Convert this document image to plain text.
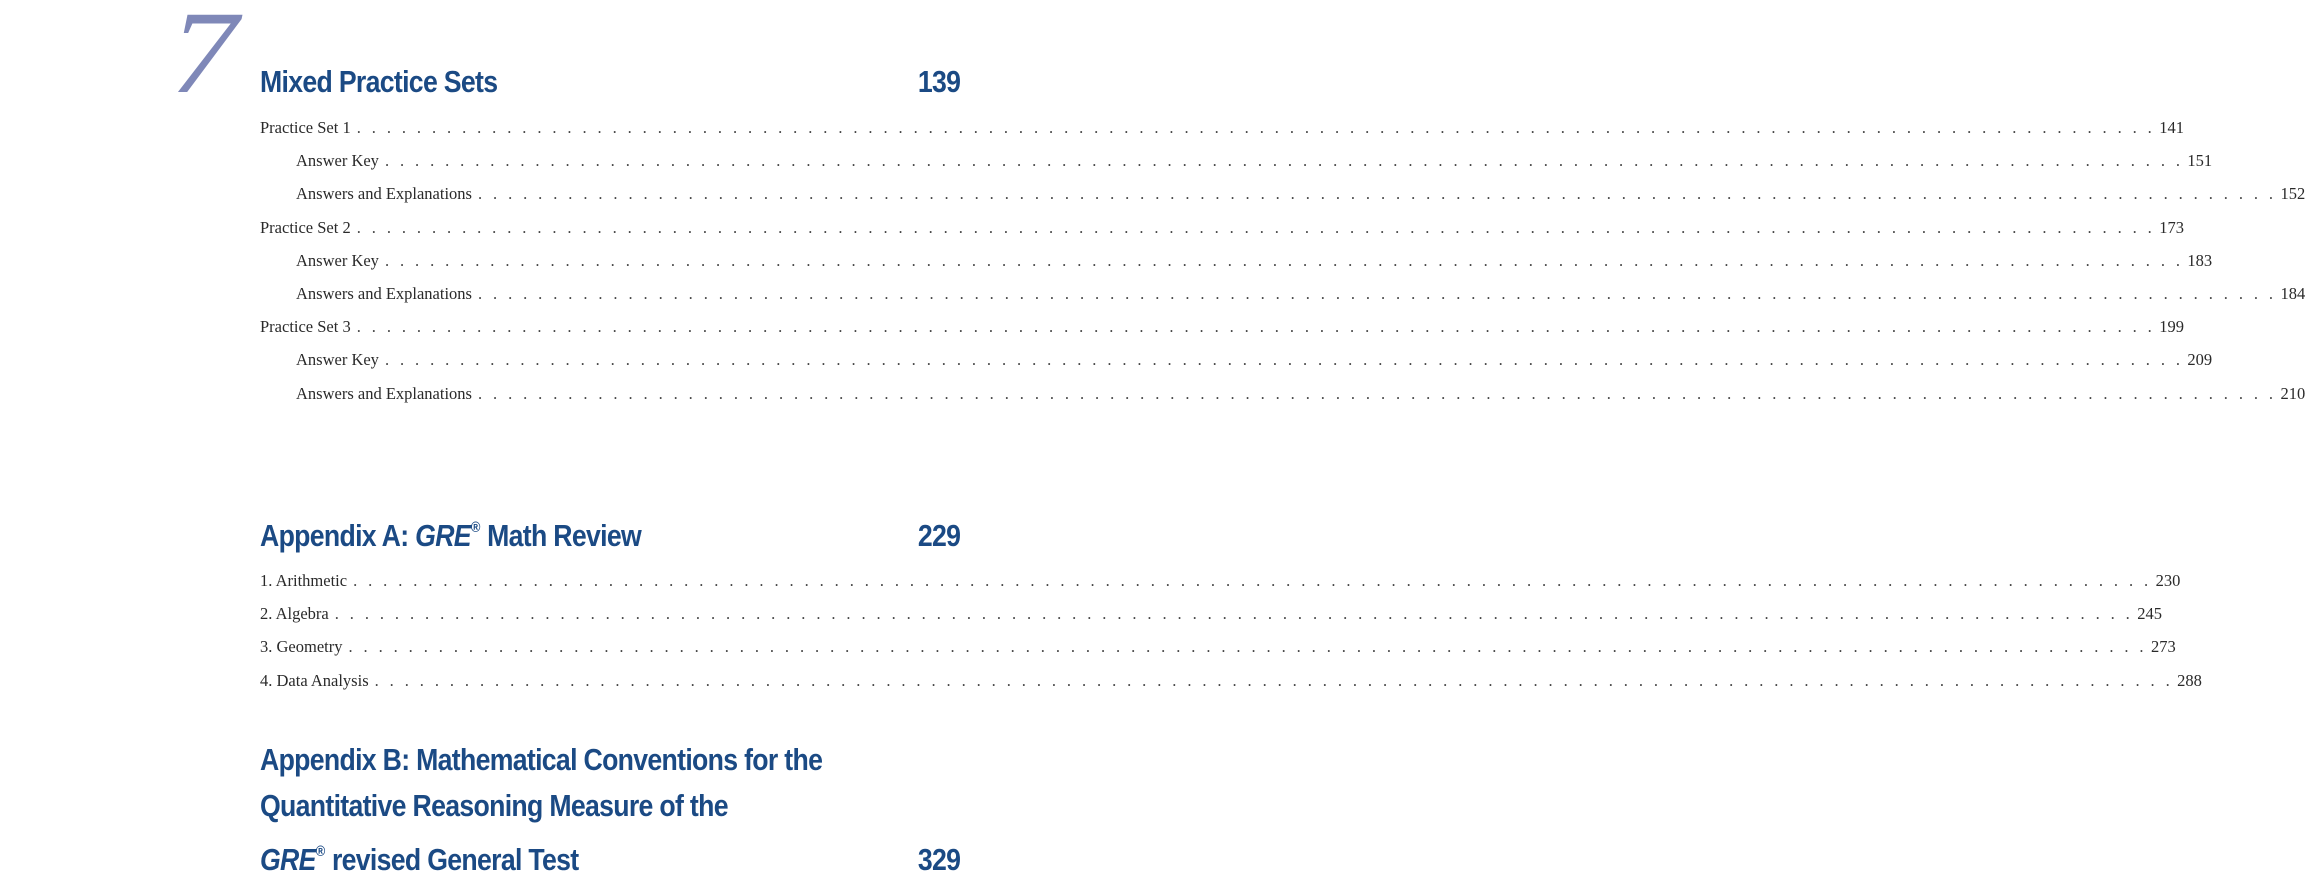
7 Mixed Practice Sets	139
Practice Set 1 . . . . . . . . . . . . . . . . . . . . . . . . . . . . . . . . . . . . . . . . . . . . . . . . . . . . . . . . . . . . . . . . . . . . . . . . . . . . . . . . . . . . . . . . . . . . . . . . . . . . . . . . . . . . . . . . . . . . . . . . 141
Answer Key . . . . . . . . . . . . . . . . . . . . . . . . . . . . . . . . . . . . . . . . . . . . . . . . . . . . . . . . . . . . . . . . . . . . . . . . . . . . . . . . . . . . . . . . . . . . . . . . . . . . . . . . . . . . . . . . . . . . . . . . 151
Answers and Explanations . . . . . . . . . . . . . . . . . . . . . . . . . . . . . . . . . . . . . . . . . . . . . . . . . . . . . . . . . . . . . . . . . . . . . . . . . . . . . . . . . . . . . . . . . . . . . . . . . . . . . . . . . . . . . . . . . . . . . . . . 152
Practice Set 2 . . . . . . . . . . . . . . . . . . . . . . . . . . . . . . . . . . . . . . . . . . . . . . . . . . . . . . . . . . . . . . . . . . . . . . . . . . . . . . . . . . . . . . . . . . . . . . . . . . . . . . . . . . . . . . . . . . . . . . . . 173
Answer Key . . . . . . . . . . . . . . . . . . . . . . . . . . . . . . . . . . . . . . . . . . . . . . . . . . . . . . . . . . . . . . . . . . . . . . . . . . . . . . . . . . . . . . . . . . . . . . . . . . . . . . . . . . . . . . . . . . . . . . . . 183
Answers and Explanations . . . . . . . . . . . . . . . . . . . . . . . . . . . . . . . . . . . . . . . . . . . . . . . . . . . . . . . . . . . . . . . . . . . . . . . . . . . . . . . . . . . . . . . . . . . . . . . . . . . . . . . . . . . . . . . . . . . . . . . . 184
Practice Set 3 . . . . . . . . . . . . . . . . . . . . . . . . . . . . . . . . . . . . . . . . . . . . . . . . . . . . . . . . . . . . . . . . . . . . . . . . . . . . . . . . . . . . . . . . . . . . . . . . . . . . . . . . . . . . . . . . . . . . . . . . 199
Answer Key . . . . . . . . . . . . . . . . . . . . . . . . . . . . . . . . . . . . . . . . . . . . . . . . . . . . . . . . . . . . . . . . . . . . . . . . . . . . . . . . . . . . . . . . . . . . . . . . . . . . . . . . . . . . . . . . . . . . . . . . 209
Answers and Explanations . . . . . . . . . . . . . . . . . . . . . . . . . . . . . . . . . . . . . . . . . . . . . . . . . . . . . . . . . . . . . . . . . . . . . . . . . . . . . . . . . . . . . . . . . . . . . . . . . . . . . . . . . . . . . . . . . . . . . . . . 210
Appendix A: GRE® Math Review	229
1. Arithmetic . . . . . . . . . . . . . . . . . . . . . . . . . . . . . . . . . . . . . . . . . . . . . . . . . . . . . . . . . . . . . . . . . . . . . . . . . . . . . . . . . . . . . . . . . . . . . . . . . . . . . . . . . . . . . . . . . . . . . . . . 230
2. Algebra . . . . . . . . . . . . . . . . . . . . . . . . . . . . . . . . . . . . . . . . . . . . . . . . . . . . . . . . . . . . . . . . . . . . . . . . . . . . . . . . . . . . . . . . . . . . . . . . . . . . . . . . . . . . . . . . . . . . . . . . 245
3. Geometry . . . . . . . . . . . . . . . . . . . . . . . . . . . . . . . . . . . . . . . . . . . . . . . . . . . . . . . . . . . . . . . . . . . . . . . . . . . . . . . . . . . . . . . . . . . . . . . . . . . . . . . . . . . . . . . . . . . . . . . . 273
4. Data Analysis . . . . . . . . . . . . . . . . . . . . . . . . . . . . . . . . . . . . . . . . . . . . . . . . . . . . . . . . . . . . . . . . . . . . . . . . . . . . . . . . . . . . . . . . . . . . . . . . . . . . . . . . . . . . . . . . . . . . . . . . 288
Appendix B: Mathematical Conventions for the
Quantitative Reasoning Measure of the
GRE® revised General Test	329
